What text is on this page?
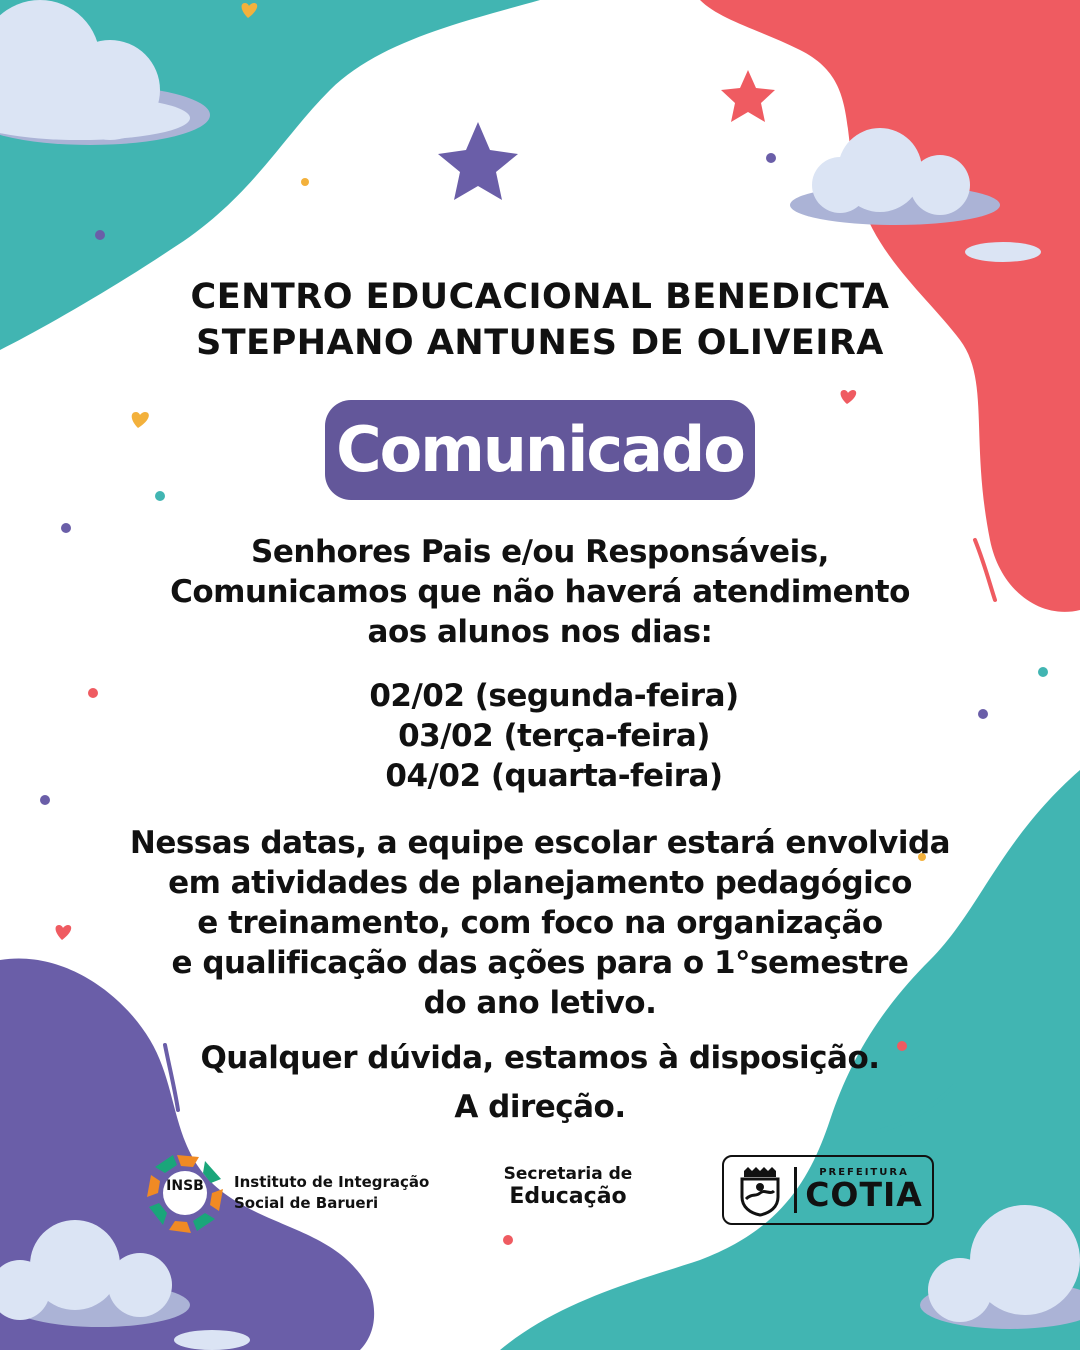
CENTRO EDUCACIONAL BENEDICTA
STEPHANO ANTUNES DE OLIVEIRA
Comunicado
Senhores Pais e/ou Responsáveis,
Comunicamos que não haverá atendimento
aos alunos nos dias:
02/02 (segunda-feira)
03/02 (terça-feira)
04/02 (quarta-feira)
Nessas datas, a equipe escolar estará envolvida
em atividades de planejamento pedagógico
e treinamento, com foco na organização
e qualificação das ações para o 1°semestre
do ano letivo.
Qualquer dúvida, estamos à disposição.
A direção.
INSB	Instituto de Integração
Social de Barueri
Secretaria de
Educação
PREFEITURA
COTIA
